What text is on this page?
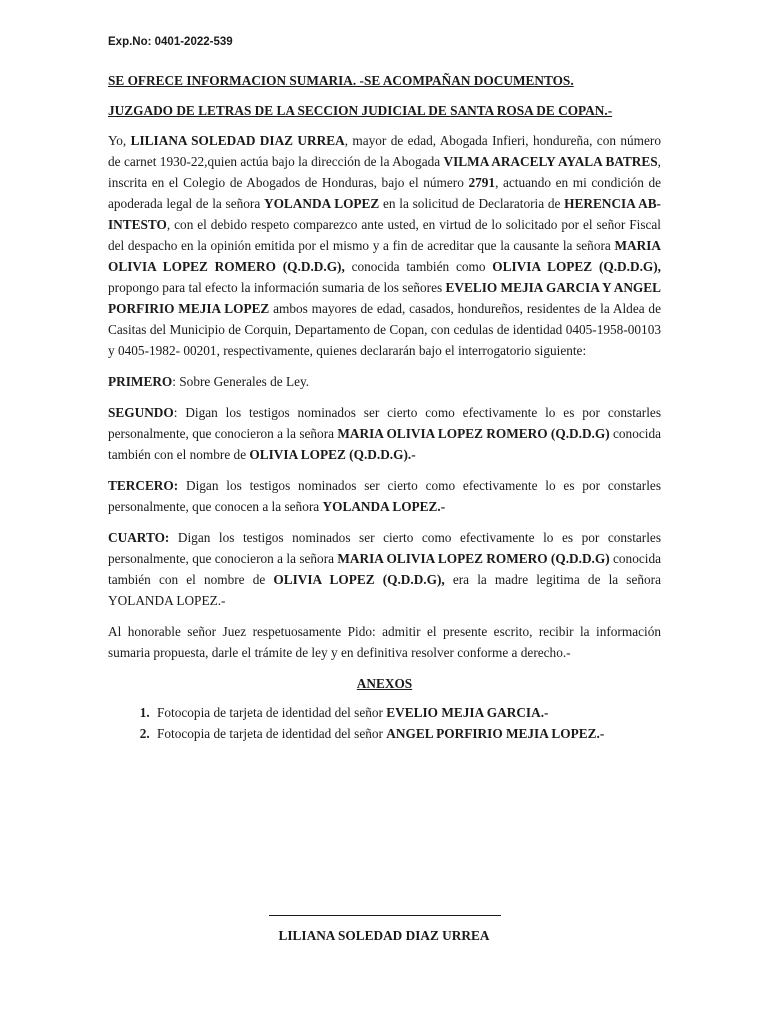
Exp.No: 0401-2022-539
SE OFRECE INFORMACION SUMARIA. -SE ACOMPAÑAN DOCUMENTOS.
JUZGADO DE LETRAS DE LA SECCION JUDICIAL DE SANTA ROSA DE COPAN.-

Yo, LILIANA SOLEDAD DIAZ URREA, mayor de edad, Abogada Infieri, hondureña, con número de carnet 1930-22,quien actúa bajo la dirección de la Abogada VILMA ARACELY AYALA BATRES, inscrita en el Colegio de Abogados de Honduras, bajo el número 2791, actuando en mi condición de apoderada legal de la señora YOLANDA LOPEZ en la solicitud de Declaratoria de HERENCIA AB-INTESTO, con el debido respeto comparezco ante usted, en virtud de lo solicitado por el señor Fiscal del despacho en la opinión emitida por el mismo y a fin de acreditar que la causante la señora MARIA OLIVIA LOPEZ ROMERO (Q.D.D.G), conocida también como OLIVIA LOPEZ (Q.D.D.G), propongo para tal efecto la información sumaria de los señores EVELIO MEJIA GARCIA Y ANGEL PORFIRIO MEJIA LOPEZ ambos mayores de edad, casados, hondureños, residentes de la Aldea de Casitas del Municipio de Corquin, Departamento de Copan, con cedulas de identidad 0405-1958-00103 y 0405-1982- 00201, respectivamente, quienes declararán bajo el interrogatorio siguiente:

PRIMERO: Sobre Generales de Ley.

SEGUNDO: Digan los testigos nominados ser cierto como efectivamente lo es por constarles personalmente, que conocieron a la señora MARIA OLIVIA LOPEZ ROMERO (Q.D.D.G) conocida también con el nombre de OLIVIA LOPEZ (Q.D.D.G).-

TERCERO: Digan los testigos nominados ser cierto como efectivamente lo es por constarles personalmente, que conocen a la señora YOLANDA LOPEZ.-

CUARTO: Digan los testigos nominados ser cierto como efectivamente lo es por constarles personalmente, que conocieron a la señora MARIA OLIVIA LOPEZ ROMERO (Q.D.D.G) conocida también con el nombre de OLIVIA LOPEZ (Q.D.D.G), era la madre legitima de la señora YOLANDA LOPEZ.-

Al honorable señor Juez respetuosamente Pido: admitir el presente escrito, recibir la información sumaria propuesta, darle el trámite de ley y en definitiva resolver conforme a derecho.-

ANEXOS
1. Fotocopia de tarjeta de identidad del señor EVELIO MEJIA GARCIA.-
2. Fotocopia de tarjeta de identidad del señor ANGEL PORFIRIO MEJIA LOPEZ.-
LILIANA SOLEDAD DIAZ URREA
